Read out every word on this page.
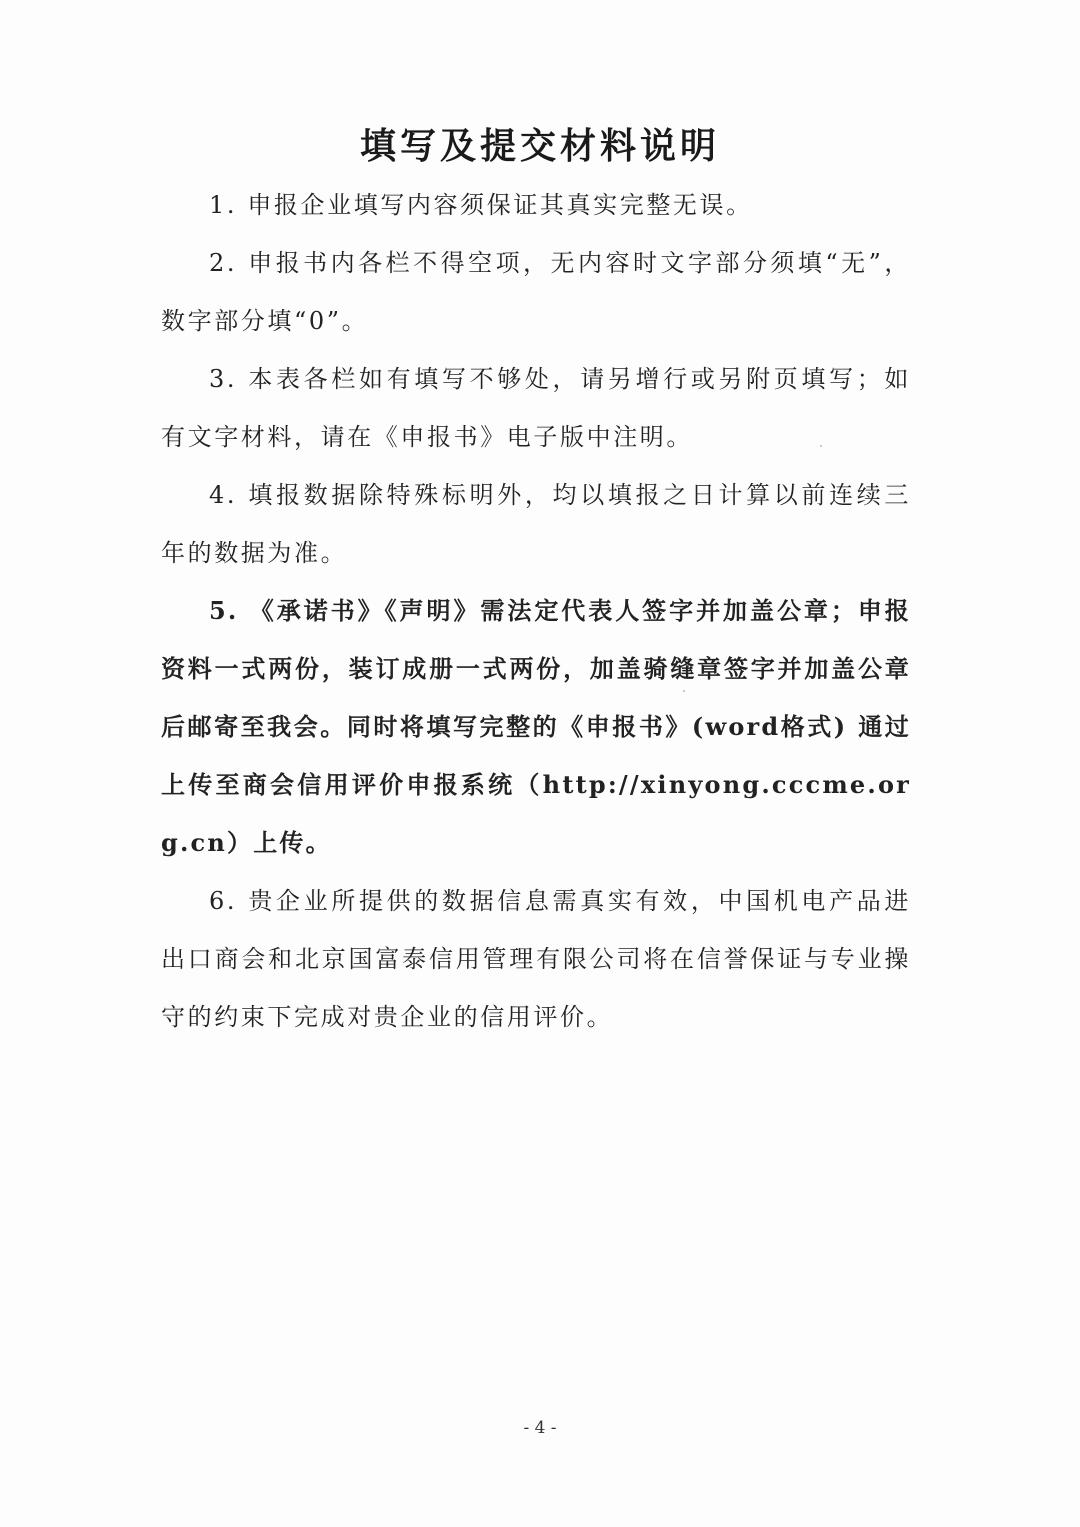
填写及提交材料说明

1. 申报企业填写内容须保证其真实完整无误。

2. 申报书内各栏不得空项，无内容时文字部分须填“无”，数字部分填“0”。

3. 本表各栏如有填写不够处，请另增行或另附页填写；如有文字材料，请在《申报书》电子版中注明。

4. 填报数据除特殊标明外，均以填报之日计算以前连续三年的数据为准。

5. 《承诺书》《声明》需法定代表人签字并加盖公章；申报资料一式两份，装订成册一式两份，加盖骑缝章签字并加盖公章后邮寄至我会。同时将填写完整的《申报书》(word格式) 通过上传至商会信用评价申报系统（http://xinyong.cccme.org.cn）上传。

6. 贵企业所提供的数据信息需真实有效，中国机电产品进出口商会和北京国富泰信用管理有限公司将在信誉保证与专业操守的约束下完成对贵企业的信用评价。

- 4 -
